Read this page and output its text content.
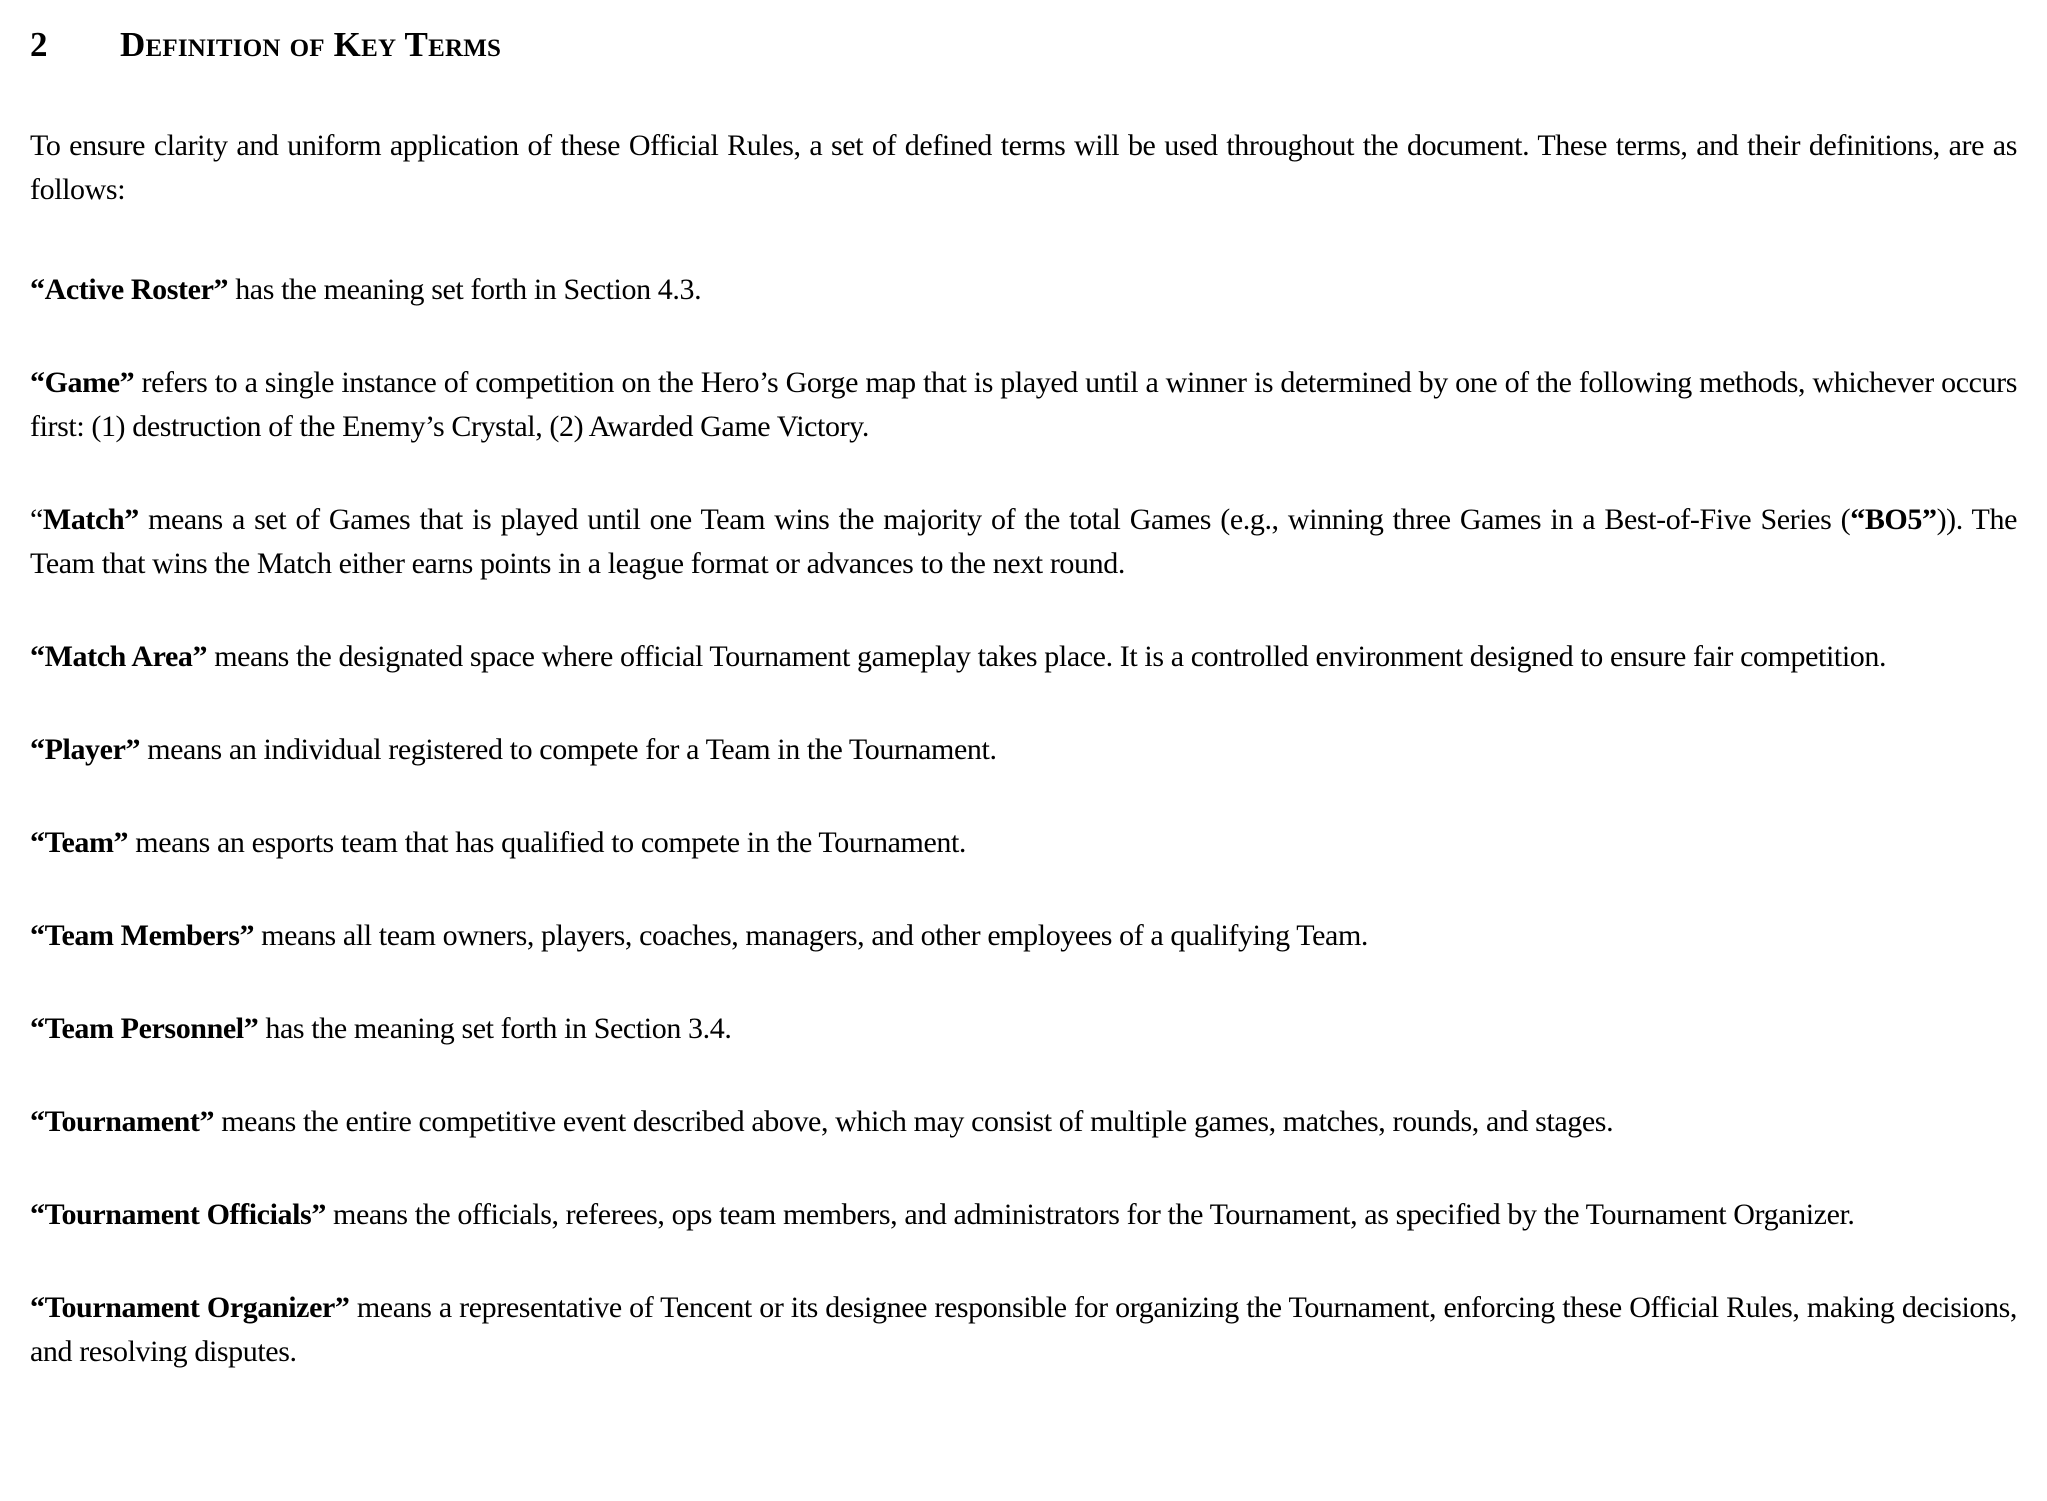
2 Definition of Key Terms

To ensure clarity and uniform application of these Official Rules, a set of defined terms will be used throughout the document. These terms, and their definitions, are as follows:

“Active Roster” has the meaning set forth in Section 4.3.

“Game” refers to a single instance of competition on the Hero’s Gorge map that is played until a winner is determined by one of the following methods, whichever occurs first: (1) destruction of the Enemy’s Crystal, (2) Awarded Game Victory.

“Match” means a set of Games that is played until one Team wins the majority of the total Games (e.g., winning three Games in a Best-of-Five Series (“BO5”)). The Team that wins the Match either earns points in a league format or advances to the next round.

“Match Area” means the designated space where official Tournament gameplay takes place. It is a controlled environment designed to ensure fair competition.

“Player” means an individual registered to compete for a Team in the Tournament.

“Team” means an esports team that has qualified to compete in the Tournament.

“Team Members” means all team owners, players, coaches, managers, and other employees of a qualifying Team.

“Team Personnel” has the meaning set forth in Section 3.4.

“Tournament” means the entire competitive event described above, which may consist of multiple games, matches, rounds, and stages.

“Tournament Officials” means the officials, referees, ops team members, and administrators for the Tournament, as specified by the Tournament Organizer.

“Tournament Organizer” means a representative of Tencent or its designee responsible for organizing the Tournament, enforcing these Official Rules, making decisions, and resolving disputes.
